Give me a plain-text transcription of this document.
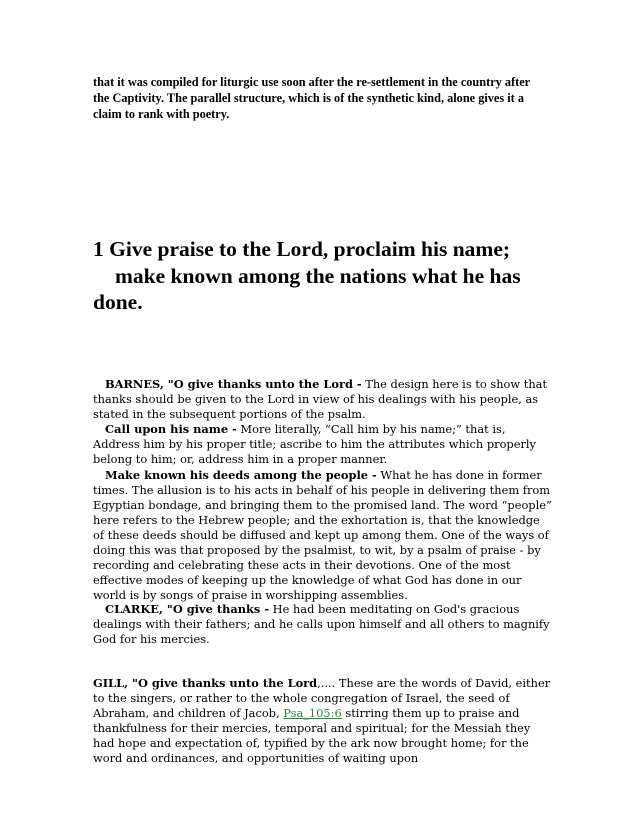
that it was compiled for liturgic use soon after the re-settlement in the country after
the Captivity. The parallel structure, which is of the synthetic kind, alone gives it a
claim to rank with poetry.
1 Give praise to the Lord, proclaim his name;
make known among the nations what he has
done.

BARNES, "O give thanks unto the Lord - The design here is to show that thanks should be given to the Lord in view of his dealings with his people, as stated in the subsequent portions of the psalm.

Call upon his name - More literally, “Call him by his name;” that is, Address him by his proper title; ascribe to him the attributes which properly belong to him; or, address him in a proper manner.

Make known his deeds among the people - What he has done in former times. The allusion is to his acts in behalf of his people in delivering them from Egyptian bondage, and bringing them to the promised land. The word “people” here refers to the Hebrew people; and the exhortation is, that the knowledge of these deeds should be diffused and kept up among them. One of the ways of doing this was that proposed by the psalmist, to wit, by a psalm of praise - by recording and celebrating these acts in their devotions. One of the most effective modes of keeping up the knowledge of what God has done in our world is by songs of praise in worshipping assemblies.

CLARKE, "O give thanks - He had been meditating on God's gracious dealings with their fathers; and he calls upon himself and all others to magnify God for his mercies.

GILL, "O give thanks unto the Lord,.... These are the words of David, either to the singers, or rather to the whole congregation of Israel, the seed of Abraham, and children of Jacob, Psa_105:6 stirring them up to praise and thankfulness for their mercies, temporal and spiritual; for the Messiah they had hope and expectation of, typified by the ark now brought home; for the word and ordinances, and opportunities of waiting upon
